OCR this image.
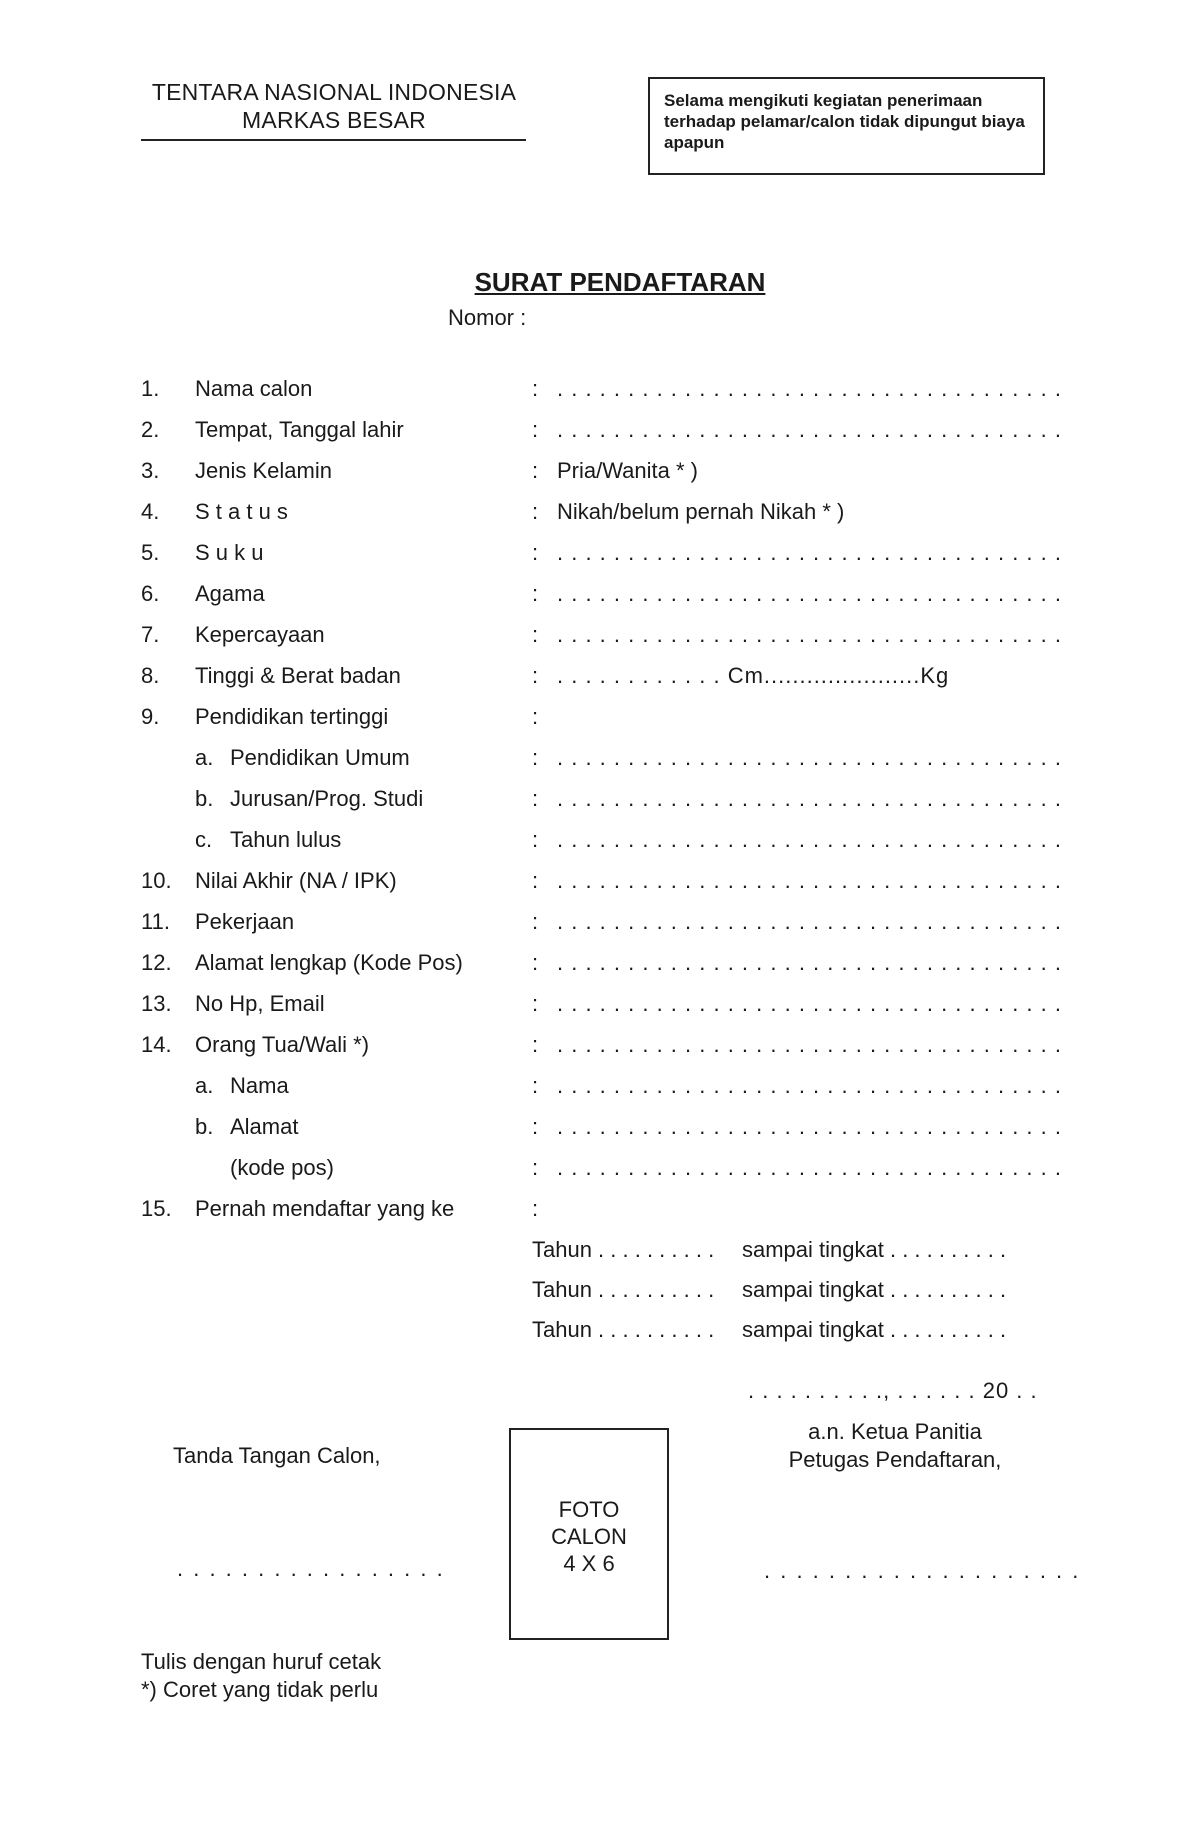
TENTARA NASIONAL INDONESIA
MARKAS BESAR
Selama mengikuti kegiatan penerimaan terhadap pelamar/calon tidak dipungut biaya apapun
SURAT PENDAFTARAN
Nomor :
1. Nama calon	: . . . . . . . . . . . . . . . . . . . . . . . . . . . . . . . . . . . .
2. Tempat, Tanggal lahir	: . . . . . . . . . . . . . . . . . . . . . . . . . . . . . . . . . . . .
3. Jenis Kelamin	: Pria/Wanita * )
4. S t a t u s	: Nikah/belum pernah Nikah * )
5. S u k u	: . . . . . . . . . . . . . . . . . . . . . . . . . . . . . . . . . . . .
6. Agama	: . . . . . . . . . . . . . . . . . . . . . . . . . . . . . . . . . . . .
7. Kepercayaan	: . . . . . . . . . . . . . . . . . . . . . . . . . . . . . . . . . . . .
8. Tinggi & Berat badan	: . . . . . . . . . . . . Cm......................Kg
9. Pendidikan tertinggi	:
a. Pendidikan Umum	: . . . . . . . . . . . . . . . . . . . . . . . . . . . . . . . . . . . .
b. Jurusan/Prog. Studi	: . . . . . . . . . . . . . . . . . . . . . . . . . . . . . . . . . . . .
c. Tahun lulus	: . . . . . . . . . . . . . . . . . . . . . . . . . . . . . . . . . . . .
10. Nilai Akhir (NA / IPK)	: . . . . . . . . . . . . . . . . . . . . . . . . . . . . . . . . . . . .
11. Pekerjaan	: . . . . . . . . . . . . . . . . . . . . . . . . . . . . . . . . . . . .
12. Alamat lengkap (Kode Pos)	: . . . . . . . . . . . . . . . . . . . . . . . . . . . . . . . . . . . .
13. No Hp, Email	: . . . . . . . . . . . . . . . . . . . . . . . . . . . . . . . . . . . .
14. Orang Tua/Wali *)	: . . . . . . . . . . . . . . . . . . . . . . . . . . . . . . . . . . . .
a. Nama	: . . . . . . . . . . . . . . . . . . . . . . . . . . . . . . . . . . . .
b. Alamat	: . . . . . . . . . . . . . . . . . . . . . . . . . . . . . . . . . . . .
(kode pos)	: . . . . . . . . . . . . . . . . . . . . . . . . . . . . . . . . . . . .
15. Pernah mendaftar yang ke	:
Tahun . . . . . . . . . . sampai tingkat . . . . . . . . . .
Tahun . . . . . . . . . . sampai tingkat . . . . . . . . . .
Tahun . . . . . . . . . . sampai tingkat . . . . . . . . . .
. . . . . . . . . ., . . . . . . 20 . .
Tanda Tangan Calon,
FOTO
CALON
4 X 6
a.n. Ketua Panitia
Petugas Pendaftaran,
. . . . . . . . . . . . . . . . .	. . . . . . . . . . . . . . . . . . . .
Tulis dengan huruf cetak
*) Coret yang tidak perlu
